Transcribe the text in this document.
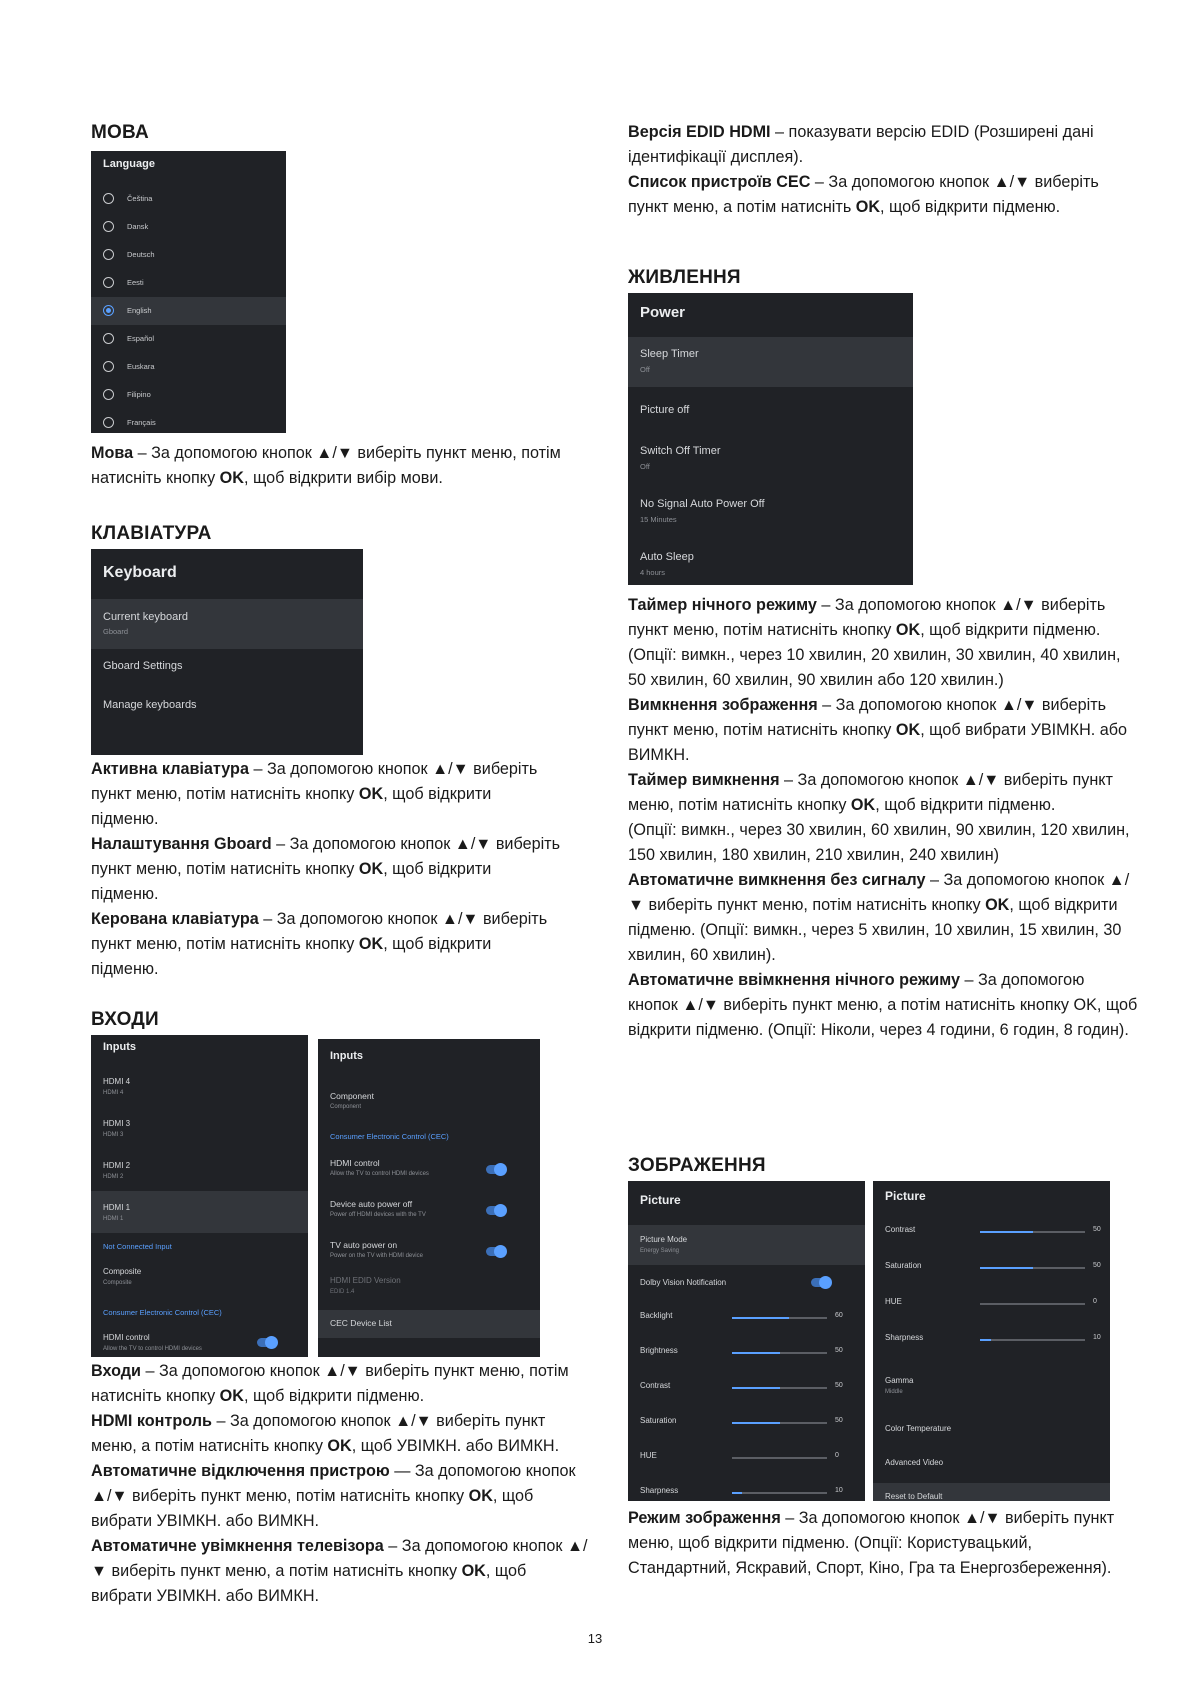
МОВА
Language
Čeština
Dansk
Deutsch
Eesti
English
Español
Euskara
Filipino
Français

Мова – За допомогою кнопок ▲/▼ виберіть пункт меню, потім натисніть кнопку OK, щоб відкрити вибір мови.

КЛАВІАТУРА
Keyboard
Current keyboard
Gboard
Gboard Settings
Manage keyboards

Активна клавіатура – За допомогою кнопок ▲/▼ виберіть пункт меню, потім натисніть кнопку OK, щоб відкрити підменю.

Налаштування Gboard – За допомогою кнопок ▲/▼ виберіть пункт меню, потім натисніть кнопку OK, щоб відкрити підменю.

Керована клавіатура – За допомогою кнопок ▲/▼ виберіть пункт меню, потім натисніть кнопку OK, щоб відкрити підменю.

ВХОДИ
Inputs
HDMI 4
HDMI 4
HDMI 3
HDMI 3
HDMI 2
HDMI 2
HDMI 1
HDMI 1
Not Connected Input
Composite
Composite
Consumer Electronic Control (CEC)
HDMI control
Allow the TV to control HDMI devices
Inputs
Component
Component
Consumer Electronic Control (CEC)
HDMI control
Allow the TV to control HDMI devices
Device auto power off
Power off HDMI devices with the TV
TV auto power on
Power on the TV with HDMI device
HDMI EDID Version
EDID 1.4
CEC Device List

Входи – За допомогою кнопок ▲/▼ виберіть пункт меню, потім натисніть кнопку OK, щоб відкрити підменю.

HDMI контроль – За допомогою кнопок ▲/▼ виберіть пункт меню, а потім натисніть кнопку OK, щоб УВІМКН. або ВИМКН.

Автоматичне відключення пристрою — За допомогою кнопок ▲/▼ виберіть пункт меню, потім натисніть кнопку OK, щоб вибрати УВІМКН. або ВИМКН.

Автоматичне увімкнення телевізора – За допомогою кнопок ▲/▼ виберіть пункт меню, а потім натисніть кнопку OK, щоб вибрати УВІМКН. або ВИМКН.

Версія EDID HDMI – показувати версію EDID (Розширені дані ідентифікації дисплея).

Список пристроїв CEC – За допомогою кнопок ▲/▼ виберіть пункт меню, а потім натисніть OK, щоб відкрити підменю.

ЖИВЛЕННЯ
Power
Sleep Timer
Off
Picture off
Switch Off Timer
Off
No Signal Auto Power Off
15 Minutes
Auto Sleep
4 hours

Таймер нічного режиму – За допомогою кнопок ▲/▼ виберіть пункт меню, потім натисніть кнопку OK, щоб відкрити підменю.

(Опції: вимкн., через 10 хвилин, 20 хвилин, 30 хвилин, 40 хвилин, 50 хвилин, 60 хвилин, 90 хвилин або 120 хвилин.)

Вимкнення зображення – За допомогою кнопок ▲/▼ виберіть пункт меню, потім натисніть кнопку OK, щоб вибрати УВІМКН. або ВИМКН.

Таймер вимкнення – За допомогою кнопок ▲/▼ виберіть пункт меню, потім натисніть кнопку OK, щоб відкрити підменю.

(Опції: вимкн., через 30 хвилин, 60 хвилин, 90 хвилин, 120 хвилин, 150 хвилин, 180 хвилин, 210 хвилин, 240 хвилин)

Автоматичне вимкнення без сигналу – За допомогою кнопок ▲/▼ виберіть пункт меню, потім натисніть кнопку OK, щоб відкрити підменю. (Опції: вимкн., через 5 хвилин, 10 хвилин, 15 хвилин, 30 хвилин, 60 хвилин).

Автоматичне ввімкнення нічного режиму – За допомогою кнопок ▲/▼ виберіть пункт меню, а потім натисніть кнопку OK, щоб відкрити підменю. (Опції: Ніколи, через 4 години, 6 годин, 8 годин).

ЗОБРАЖЕННЯ
Picture
Picture Mode
Energy Saving
Dolby Vision Notification
Backlight	60
Brightness	50
Contrast	50
Saturation	50
HUE	0
Sharpness	10
Picture
Contrast	50
Saturation	50
HUE	0
Sharpness	10
Gamma
Middle
Color Temperature
Advanced Video
Reset to Default

Режим зображення – За допомогою кнопок ▲/▼ виберіть пункт меню, щоб відкрити підменю. (Опції: Користувацький, Стандартний, Яскравий, Спорт, Кіно, Гра та Енергозбереження).

13
